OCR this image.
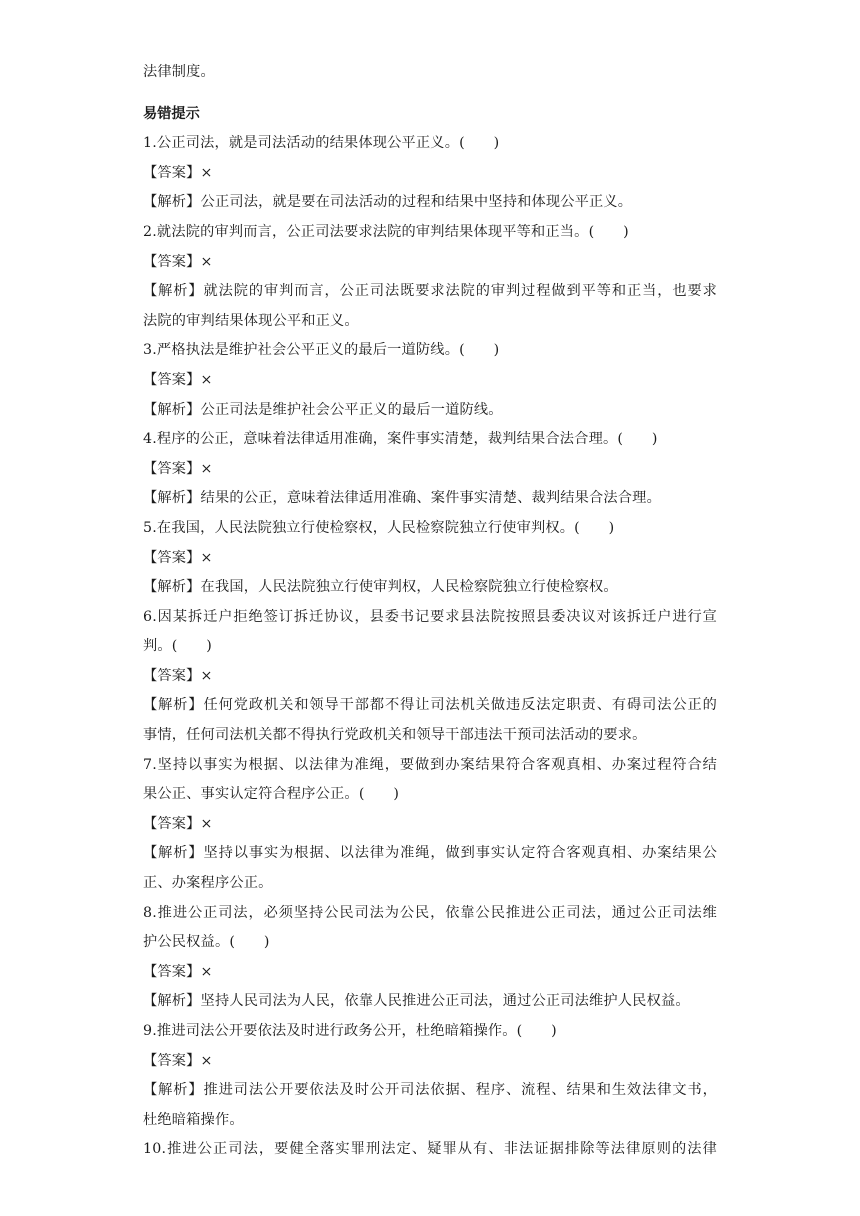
法律制度。
易错提示
1.公正司法，就是司法活动的结果体现公平正义。(　　)
【答案】×
【解析】公正司法，就是要在司法活动的过程和结果中坚持和体现公平正义。
2.就法院的审判而言，公正司法要求法院的审判结果体现平等和正当。(　　)
【答案】×
【解析】就法院的审判而言，公正司法既要求法院的审判过程做到平等和正当，也要求
法院的审判结果体现公平和正义。
3.严格执法是维护社会公平正义的最后一道防线。(　　)
【答案】×
【解析】公正司法是维护社会公平正义的最后一道防线。
4.程序的公正，意味着法律适用准确，案件事实清楚，裁判结果合法合理。(　　)
【答案】×
【解析】结果的公正，意味着法律适用准确、案件事实清楚、裁判结果合法合理。
5.在我国，人民法院独立行使检察权，人民检察院独立行使审判权。(　　)
【答案】×
【解析】在我国，人民法院独立行使审判权，人民检察院独立行使检察权。
6.因某拆迁户拒绝签订拆迁协议，县委书记要求县法院按照县委决议对该拆迁户进行宣
判。(　　)
【答案】×
【解析】任何党政机关和领导干部都不得让司法机关做违反法定职责、有碍司法公正的
事情，任何司法机关都不得执行党政机关和领导干部违法干预司法活动的要求。
7.坚持以事实为根据、以法律为准绳，要做到办案结果符合客观真相、办案过程符合结
果公正、事实认定符合程序公正。(　　)
【答案】×
【解析】坚持以事实为根据、以法律为准绳，做到事实认定符合客观真相、办案结果公
正、办案程序公正。
8.推进公正司法，必须坚持公民司法为公民，依靠公民推进公正司法，通过公正司法维
护公民权益。(　　)
【答案】×
【解析】坚持人民司法为人民，依靠人民推进公正司法，通过公正司法维护人民权益。
9.推进司法公开要依法及时进行政务公开，杜绝暗箱操作。(　　)
【答案】×
【解析】推进司法公开要依法及时公开司法依据、程序、流程、结果和生效法律文书，
杜绝暗箱操作。
10.推进公正司法，要健全落实罪刑法定、疑罪从有、非法证据排除等法律原则的法律
